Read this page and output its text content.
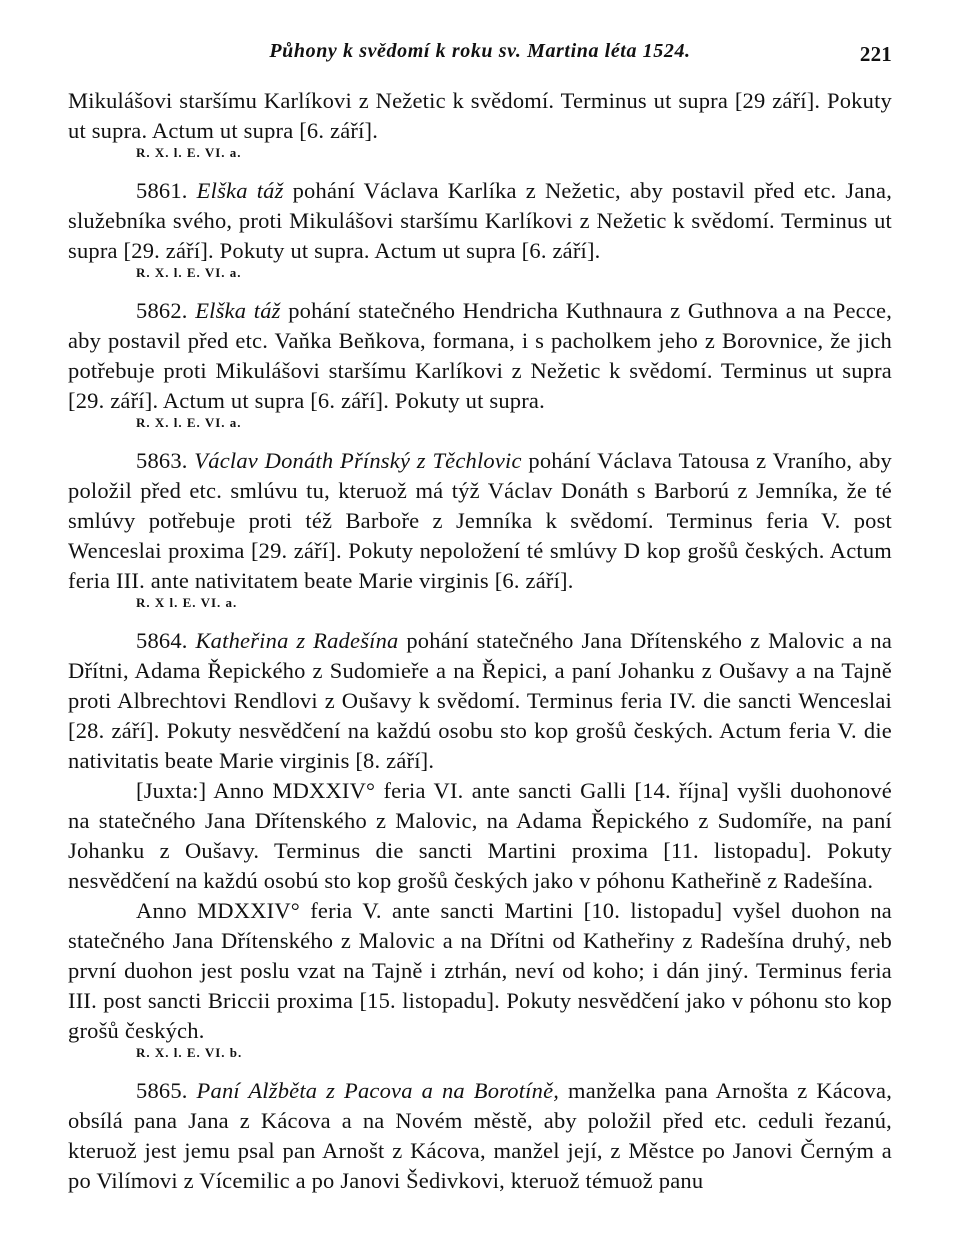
Půhony k svědomí k roku sv. Martina léta 1524.	221

Mikulášovi staršímu Karlíkovi z Nežetic k svědomí. Terminus ut supra [29 září]. Pokuty ut supra. Actum ut supra [6. září].

R. X. l. E. VI. a.

5861. Elška táž pohání Václava Karlíka z Nežetic, aby postavil před etc. Jana, služebníka svého, proti Mikulášovi staršímu Karlíkovi z Nežetic k svědomí. Terminus ut supra [29. září]. Pokuty ut supra. Actum ut supra [6. září].

R. X. l. E. VI. a.

5862. Elška táž pohání statečného Hendricha Kuthnaura z Guthnova a na Pecce, aby postavil před etc. Vaňka Beňkova, formana, i s pacholkem jeho z Borovnice, že jich potřebuje proti Mikulášovi staršímu Karlíkovi z Nežetic k svědomí. Terminus ut supra [29. září]. Actum ut supra [6. září]. Pokuty ut supra.

R. X. l. E. VI. a.

5863. Václav Donáth Přínský z Těchlovic pohání Václava Tatousa z Vraního, aby položil před etc. smlúvu tu, kteruož má týž Václav Donáth s Barború z Jemníka, že té smlúvy potřebuje proti též Barboře z Jemníka k svědomí. Terminus feria V. post Wenceslai proxima [29. září]. Pokuty nepoložení té smlúvy D kop grošů českých. Actum feria III. ante nativitatem beate Marie virginis [6. září].

R. X l. E. VI. a.

5864. Katheřina z Radešína pohání statečného Jana Dřítenského z Malovic a na Dřítni, Adama Řepického z Sudomieře a na Řepici, a paní Johanku z Oušavy a na Tajně proti Albrechtovi Rendlovi z Oušavy k svědomí. Terminus feria IV. die sancti Wenceslai [28. září]. Pokuty nesvědčení na každú osobu sto kop grošů českých. Actum feria V. die nativitatis beate Marie virginis [8. září].

[Juxta:] Anno MDXXIV° feria VI. ante sancti Galli [14. října] vyšli duohonové na statečného Jana Dřítenského z Malovic, na Adama Řepického z Sudomíře, na paní Johanku z Oušavy. Terminus die sancti Martini proxima [11. listopadu]. Pokuty nesvědčení na každú osobú sto kop grošů českých jako v póhonu Katheřině z Radešína.

Anno MDXXIV° feria V. ante sancti Martini [10. listopadu] vyšel duohon na statečného Jana Dřítenského z Malovic a na Dřítni od Katheřiny z Radešína druhý, neb první duohon jest poslu vzat na Tajně i ztrhán, neví od koho; i dán jiný. Terminus feria III. post sancti Briccii proxima [15. listopadu]. Pokuty nesvědčení jako v póhonu sto kop grošů českých.

R. X. l. E. VI. b.

5865. Paní Alžběta z Pacova a na Borotíně, manželka pana Arnošta z Kácova, obsílá pana Jana z Kácova a na Novém městě, aby položil před etc. ceduli řezanú, kteruož jest jemu psal pan Arnošt z Kácova, manžel její, z Městce po Janovi Černým a po Vilímovi z Vícemilic a po Janovi Šedivkovi, kteruož témuož panu
